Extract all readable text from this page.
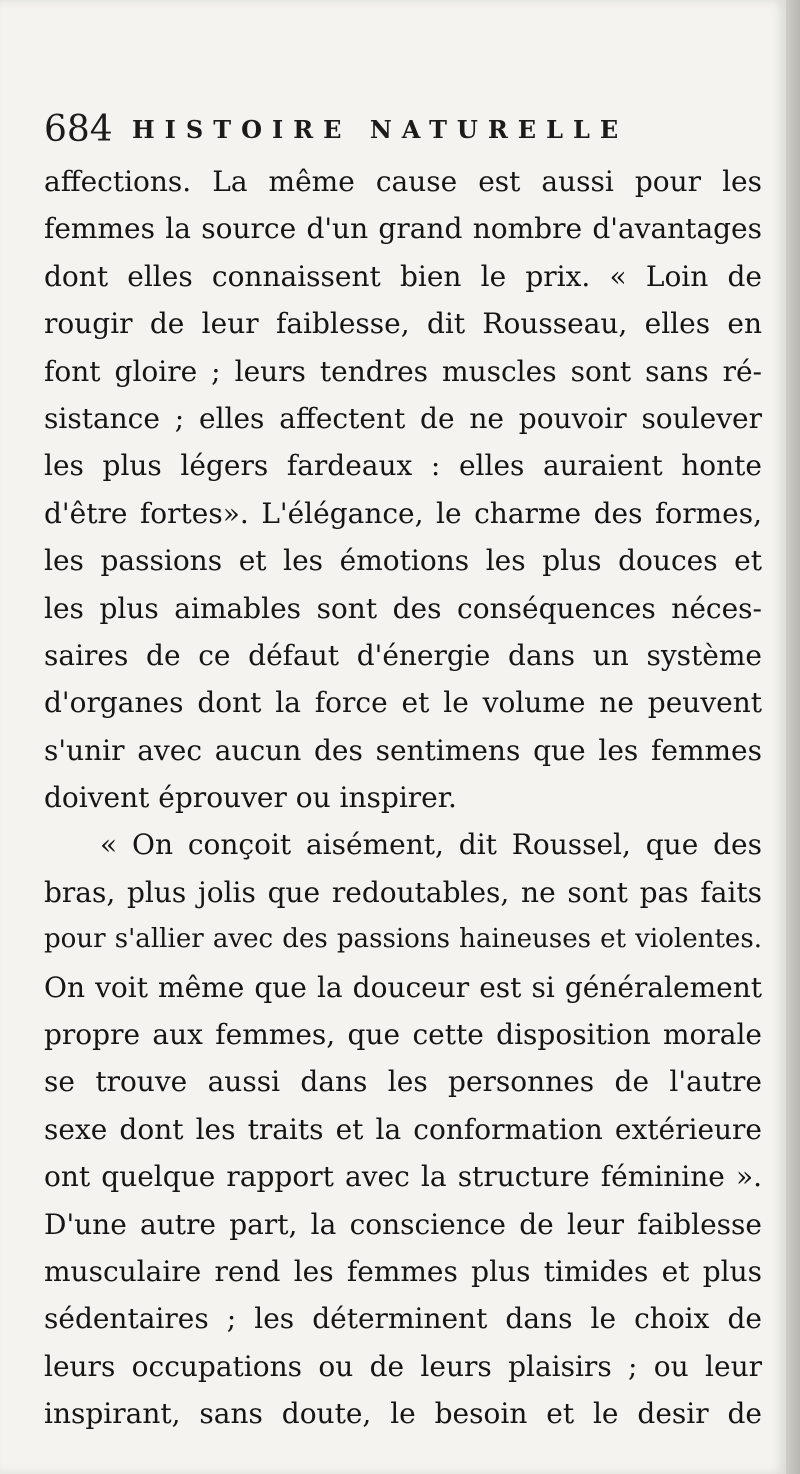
684 HISTOIRE NATURELLE
affections. La même cause est aussi pour les
femmes la source d'un grand nombre d'avantages
dont elles connaissent bien le prix. « Loin de
rougir de leur faiblesse, dit Rousseau, elles en
font gloire ; leurs tendres muscles sont sans ré-
sistance ; elles affectent de ne pouvoir soulever
les plus légers fardeaux : elles auraient honte
d'être fortes». L'élégance, le charme des formes,
les passions et les émotions les plus douces et
les plus aimables sont des conséquences néces-
saires de ce défaut d'énergie dans un système
d'organes dont la force et le volume ne peuvent
s'unir avec aucun des sentimens que les femmes
doivent éprouver ou inspirer.
« On conçoit aisément, dit Roussel, que des
bras, plus jolis que redoutables, ne sont pas faits
pour s'allier avec des passions haineuses et violentes.
On voit même que la douceur est si généralement
propre aux femmes, que cette disposition morale
se trouve aussi dans les personnes de l'autre
sexe dont les traits et la conformation extérieure
ont quelque rapport avec la structure féminine ».
D'une autre part, la conscience de leur faiblesse
musculaire rend les femmes plus timides et plus
sédentaires ; les déterminent dans le choix de
leurs occupations ou de leurs plaisirs ; ou leur
inspirant, sans doute, le besoin et le desir de
